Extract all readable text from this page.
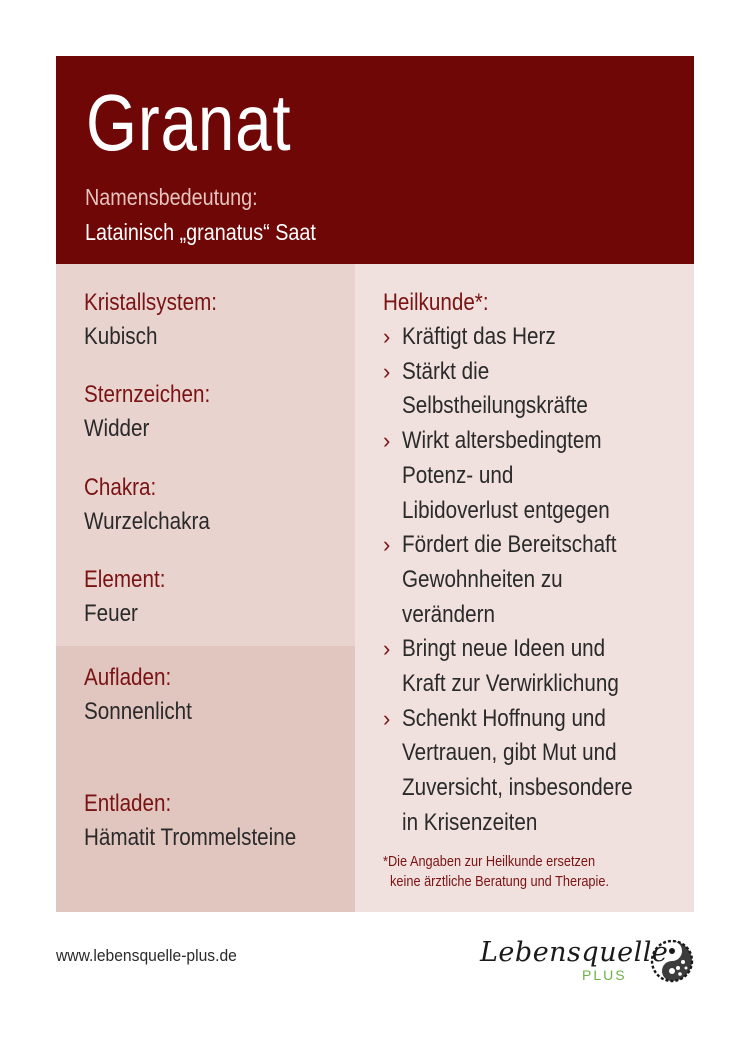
Granat
Namensbedeutung:
Latainisch „granatus“ Saat
Kristallsystem:
Kubisch
Sternzeichen:
Widder
Chakra:
Wurzelchakra
Element:
Feuer
Aufladen:
Sonnenlicht
Entladen:
Hämatit Trommelsteine
Heilkunde*:
› Kräftigt das Herz
› Stärkt die
Selbstheilungskräfte
› Wirkt altersbedingtem
Potenz- und
Libidoverlust entgegen
› Fördert die Bereitschaft
Gewohnheiten zu
verändern
› Bringt neue Ideen und
Kraft zur Verwirklichung
› Schenkt Hoffnung und
Vertrauen, gibt Mut und
Zuversicht, insbesondere
in Krisenzeiten
*Die Angaben zur Heilkunde ersetzen
keine ärztliche Beratung und Therapie.
www.lebensquelle-plus.de	Lebensquelle
PLUS
